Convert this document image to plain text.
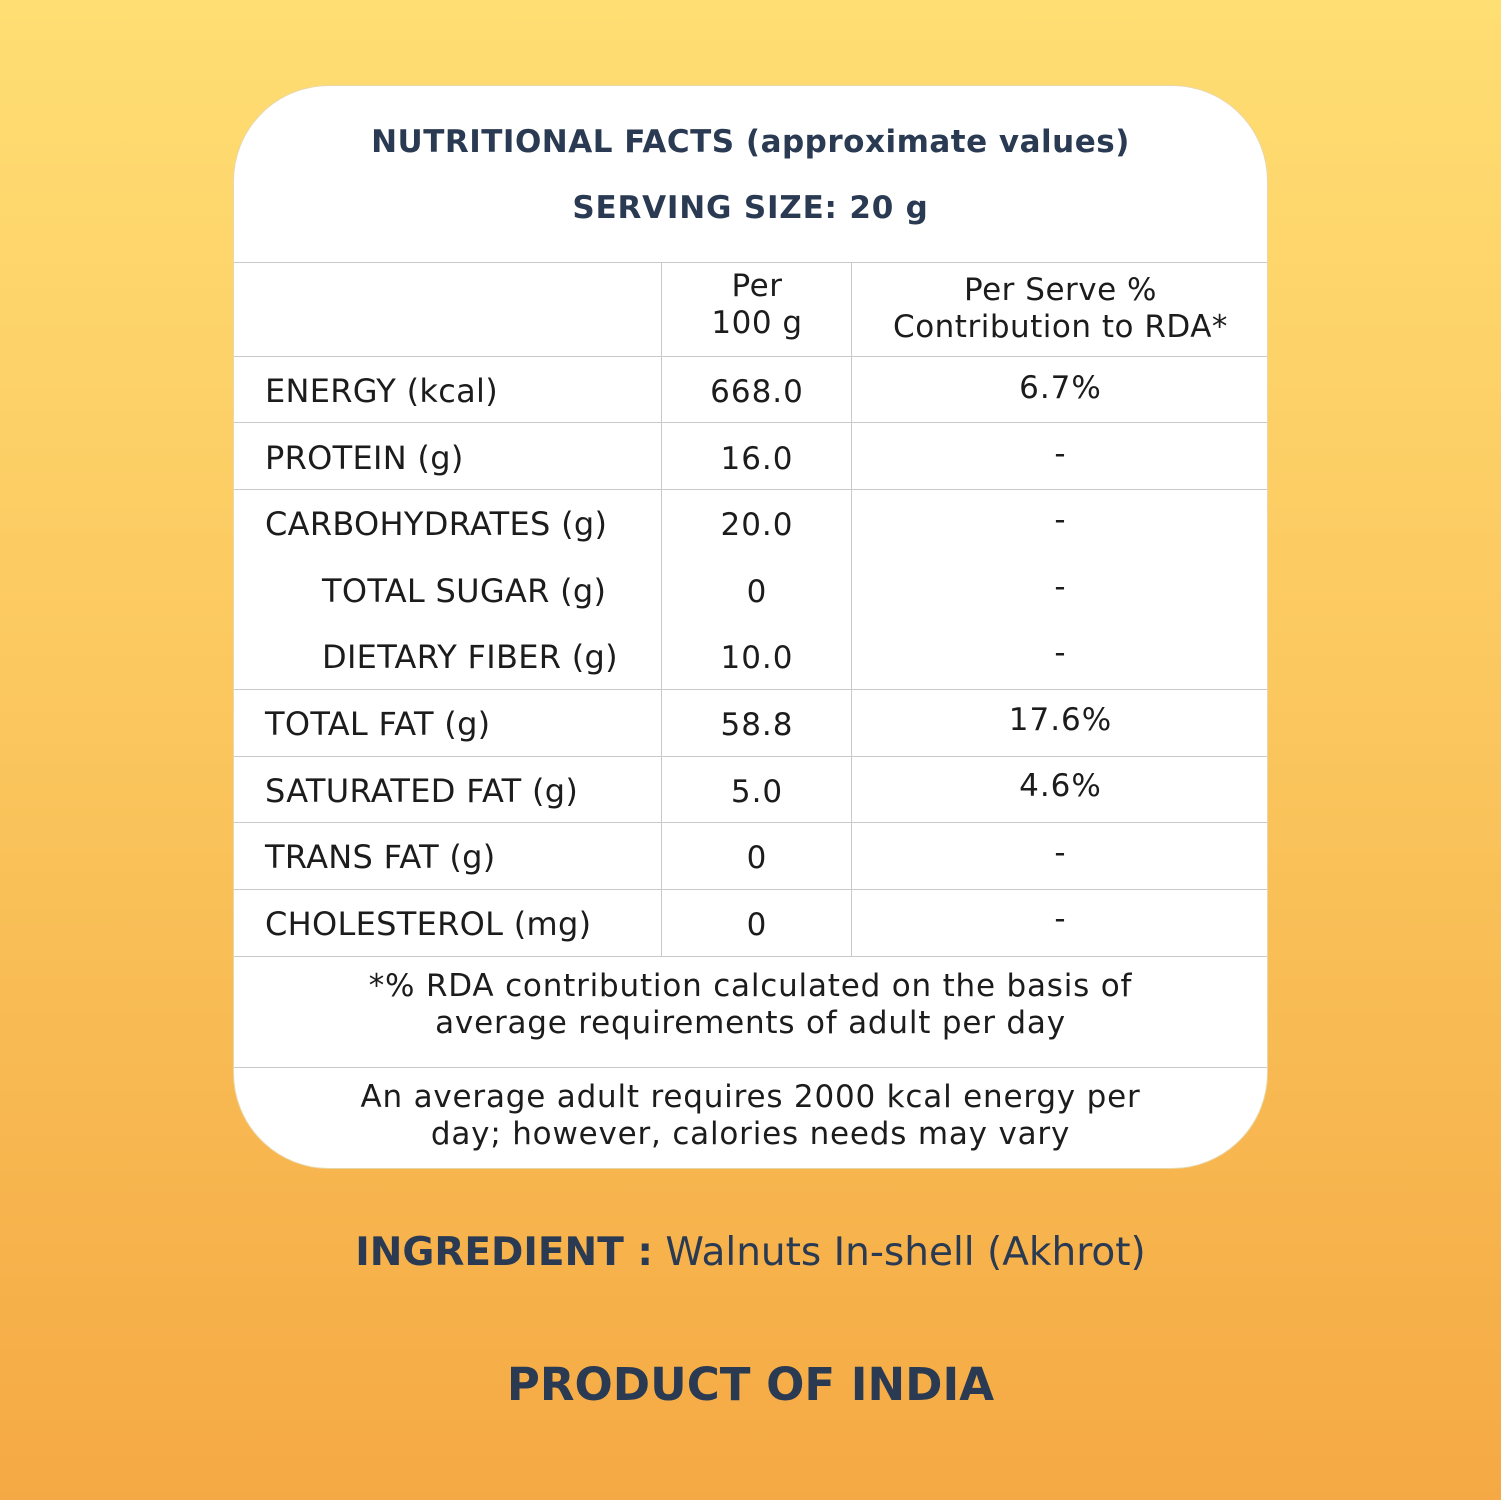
NUTRITIONAL FACTS (approximate values)
SERVING SIZE: 20 g
Per
100 g
Per Serve %
Contribution to RDA*
ENERGY (kcal)	668.0	6.7%
PROTEIN (g)	16.0	-
CARBOHYDRATES (g)	20.0	-
TOTAL SUGAR (g)	0	-
DIETARY FIBER (g)	10.0	-
TOTAL FAT (g)	58.8	17.6%
SATURATED FAT (g)	5.0	4.6%
TRANS FAT (g)	0	-
CHOLESTEROL (mg)	0	-
*% RDA contribution calculated on the basis of
average requirements of adult per day
An average adult requires 2000 kcal energy per
day; however, calories needs may vary
INGREDIENT : Walnuts In-shell (Akhrot)
PRODUCT OF INDIA
